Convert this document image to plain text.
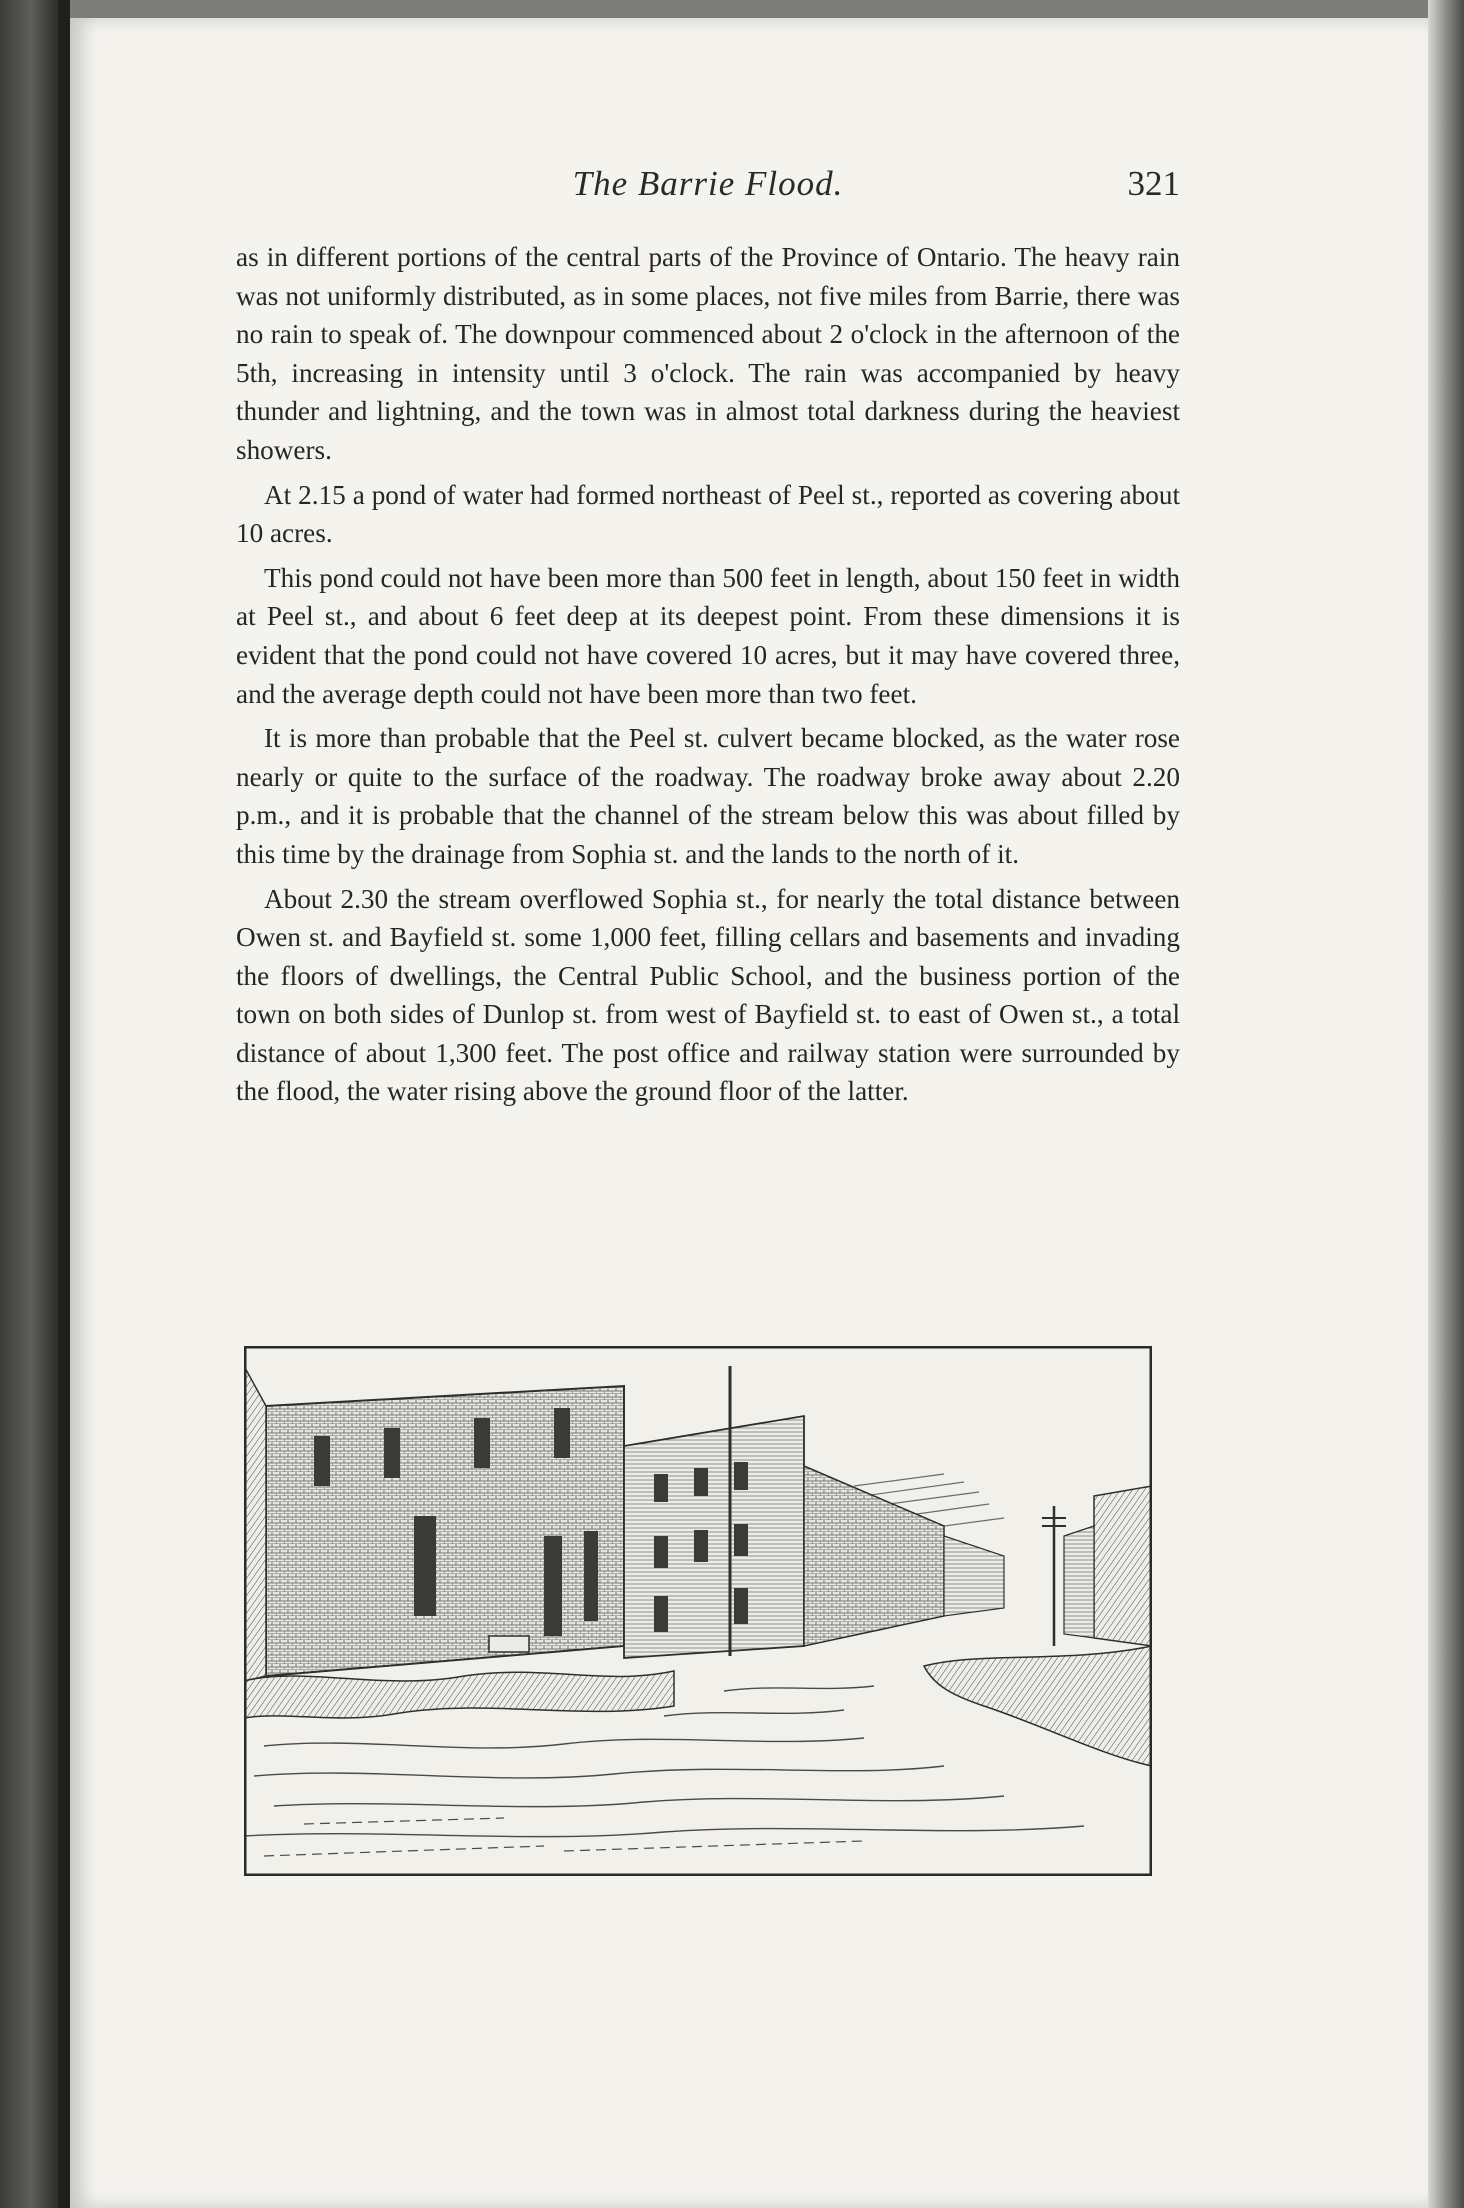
The Barrie Flood.	321

as in different portions of the central parts of the Province of Ontario. The heavy rain was not uniformly distributed, as in some places, not five miles from Barrie, there was no rain to speak of. The downpour commenced about 2 o'clock in the afternoon of the 5th, increasing in intensity until 3 o'clock. The rain was accompanied by heavy thunder and lightning, and the town was in almost total darkness during the heaviest showers.

At 2.15 a pond of water had formed northeast of Peel st., reported as covering about 10 acres.

This pond could not have been more than 500 feet in length, about 150 feet in width at Peel st., and about 6 feet deep at its deepest point. From these dimensions it is evident that the pond could not have covered 10 acres, but it may have covered three, and the average depth could not have been more than two feet.

It is more than probable that the Peel st. culvert became blocked, as the water rose nearly or quite to the surface of the roadway. The roadway broke away about 2.20 p.m., and it is probable that the channel of the stream below this was about filled by this time by the drainage from Sophia st. and the lands to the north of it.

About 2.30 the stream overflowed Sophia st., for nearly the total distance between Owen st. and Bayfield st. some 1,000 feet, filling cellars and basements and invading the floors of dwellings, the Central Public School, and the business portion of the town on both sides of Dunlop st. from west of Bayfield st. to east of Owen st., a total distance of about 1,300 feet. The post office and railway station were surrounded by the flood, the water rising above the ground floor of the latter.
